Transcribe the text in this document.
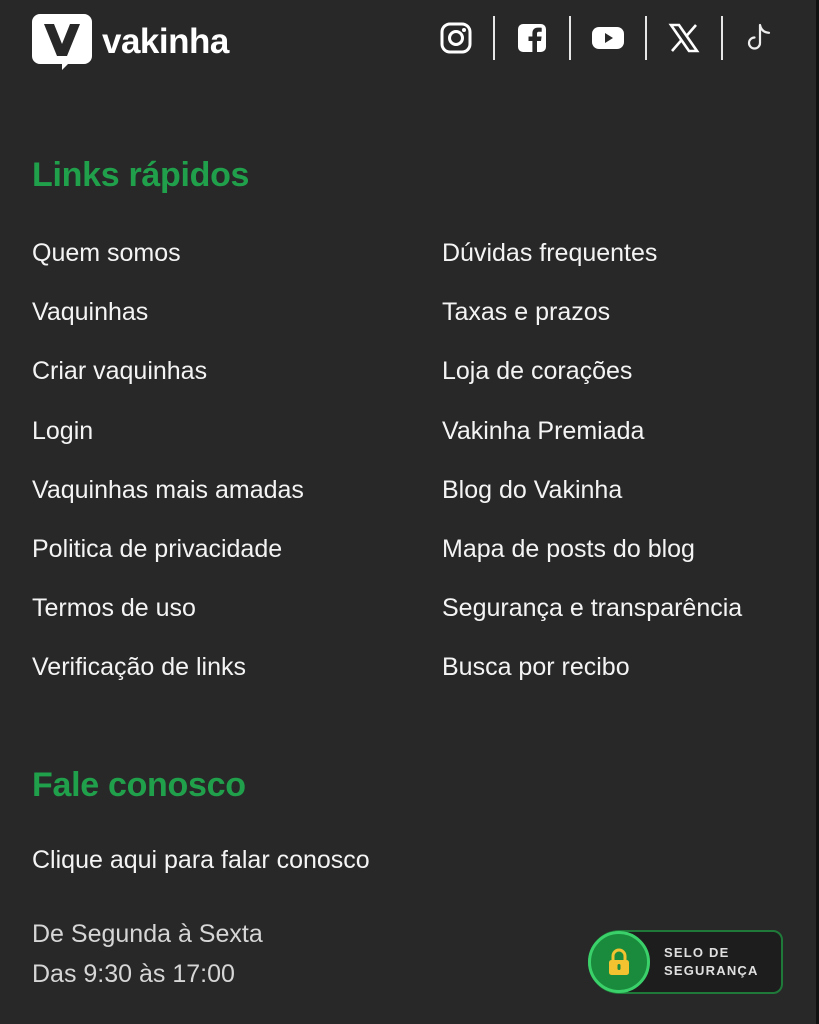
vakinha
Links rápidos
Quem somos
Vaquinhas
Criar vaquinhas
Login
Vaquinhas mais amadas
Politica de privacidade
Termos de uso
Verificação de links
Dúvidas frequentes
Taxas e prazos
Loja de corações
Vakinha Premiada
Blog do Vakinha
Mapa de posts do blog
Segurança e transparência
Busca por recibo
Fale conosco
Clique aqui para falar conosco
De Segunda à Sexta
Das 9:30 às 17:00
SELO DE
SEGURANÇA
